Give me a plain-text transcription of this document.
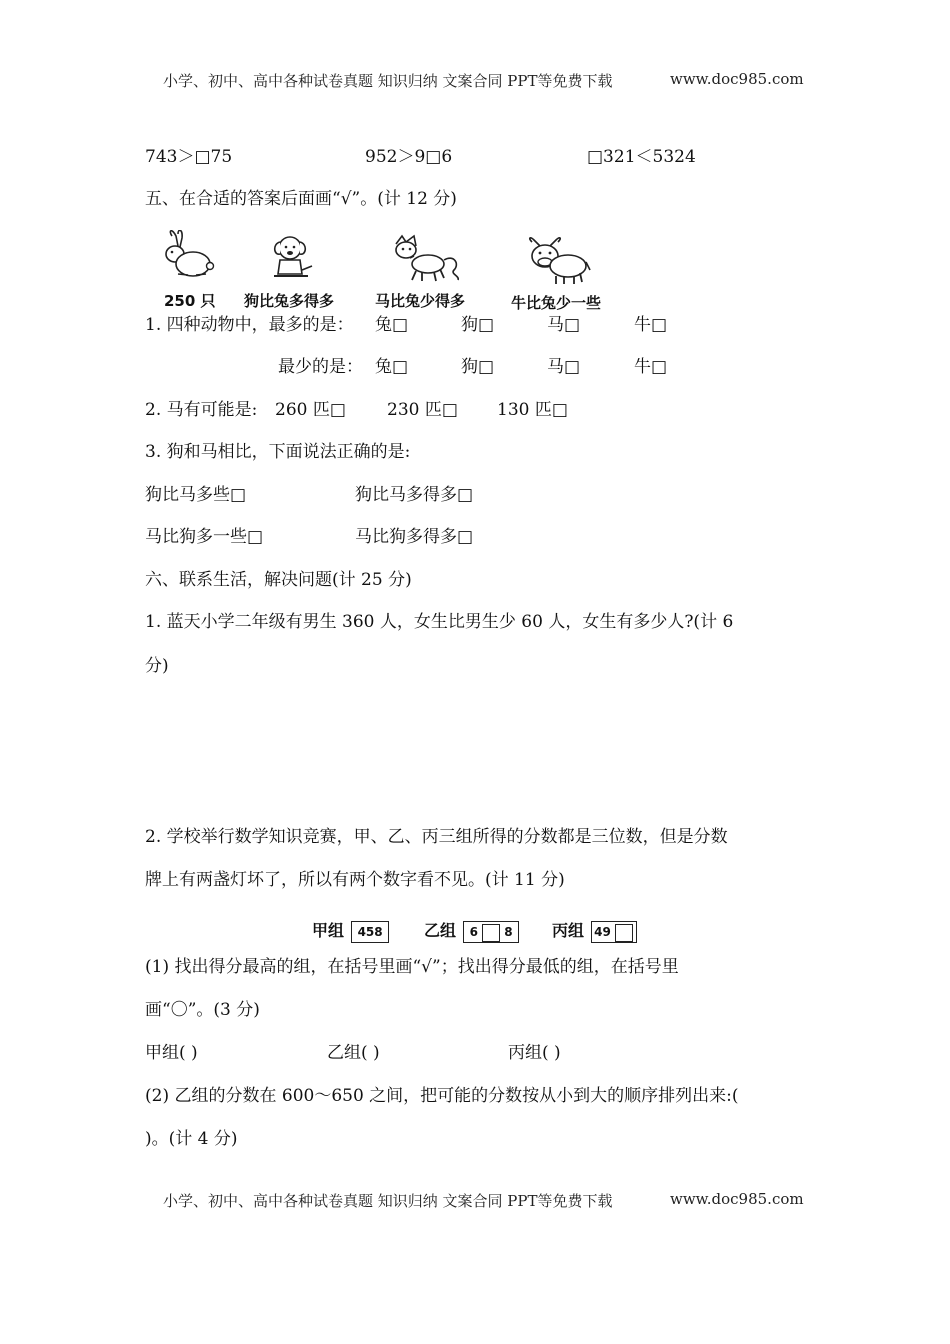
小学、初中、高中各种试卷真题 知识归纳 文案合同 PPT等免费下载	www.doc985.com
743＞□75	952＞9□6	□321＜5324
五、在合适的答案后面画“√”。(计 12 分)
250 只 狗比兔多得多	马比兔少得多	牛比兔少一些
1. 四种动物中，最多的是： 兔□	狗□	马□	牛□
最少的是： 兔□	狗□	马□	牛□
2. 马有可能是: 260 匹□ 230 匹□ 130 匹□
3. 狗和马相比，下面说法正确的是:
狗比马多些□	狗比马多得多□
马比狗多一些□	马比狗多得多□
六、联系生活，解决问题(计 25 分)
1. 蓝天小学二年级有男生 360 人，女生比男生少 60 人，女生有多少人?(计 6
分)
2. 学校举行数学知识竞赛，甲、乙、丙三组所得的分数都是三位数，但是分数
牌上有两盏灯坏了，所以有两个数字看不见。(计 11 分)
甲组 458	乙组 6 8	丙组 49
(1) 找出得分最高的组，在括号里画“√”；找出得分最低的组，在括号里
画“〇”。(3 分)
甲组( )	乙组( )	丙组( )
(2) 乙组的分数在 600～650 之间，把可能的分数按从小到大的顺序排列出来:(
)。(计 4 分)
小学、初中、高中各种试卷真题 知识归纳 文案合同 PPT等免费下载	www.doc985.com
